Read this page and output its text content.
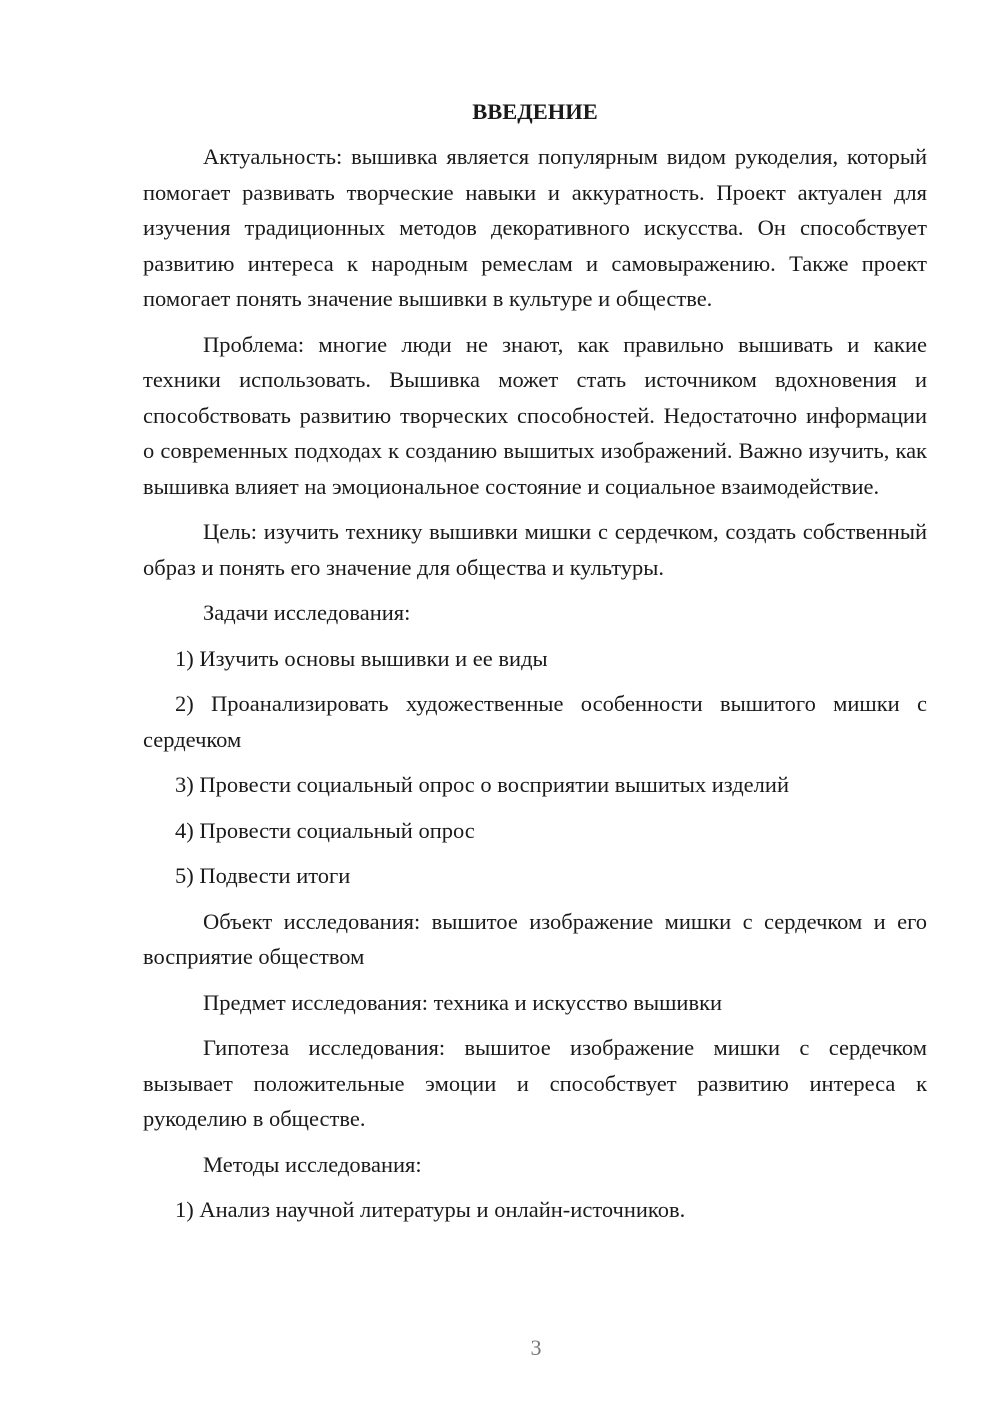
ВВЕДЕНИЕ

Актуальность: вышивка является популярным видом рукоделия, который помогает развивать творческие навыки и аккуратность. Проект актуален для изучения традиционных методов декоративного искусства. Он способствует развитию интереса к народным ремеслам и самовыражению. Также проект помогает понять значение вышивки в культуре и обществе.

Проблема: многие люди не знают, как правильно вышивать и какие техники использовать. Вышивка может стать источником вдохновения и способствовать развитию творческих способностей. Недостаточно информации о современных подходах к созданию вышитых изображений. Важно изучить, как вышивка влияет на эмоциональное состояние и социальное взаимодействие.

Цель: изучить технику вышивки мишки с сердечком, создать собственный образ и понять его значение для общества и культуры.

Задачи исследования:

1) Изучить основы вышивки и ее виды

2) Проанализировать художественные особенности вышитого мишки с сердечком

3) Провести социальный опрос о восприятии вышитых изделий

4) Провести социальный опрос

5) Подвести итоги

Объект исследования: вышитое изображение мишки с сердечком и его восприятие обществом

Предмет исследования: техника и искусство вышивки

Гипотеза исследования: вышитое изображение мишки с сердечком вызывает положительные эмоции и способствует развитию интереса к рукоделию в обществе.

Методы исследования:

1) Анализ научной литературы и онлайн-источников.

3
